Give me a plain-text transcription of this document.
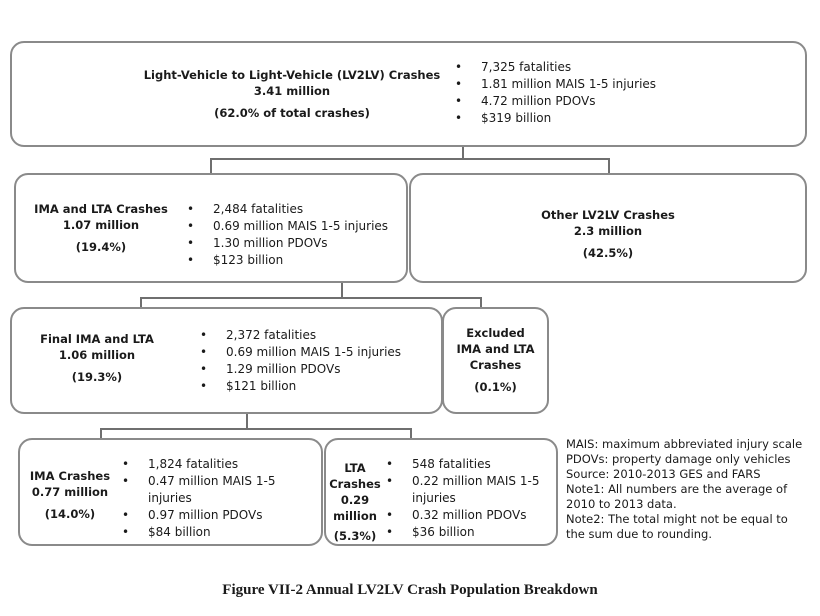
Light-Vehicle to Light-Vehicle (LV2LV) Crashes
3.41 million
(62.0% of total crashes)
• 7,325 fatalities
• 1.81 million MAIS 1-5 injuries
• 4.72 million PDOVs
• $319 billion
IMA and LTA Crashes
1.07 million
(19.4%)
• 2,484 fatalities
• 0.69 million MAIS 1-5 injuries
• 1.30 million PDOVs
• $123 billion
Other LV2LV Crashes
2.3 million
(42.5%)
Final IMA and LTA
1.06 million
(19.3%)
• 2,372 fatalities
• 0.69 million MAIS 1-5 injuries
• 1.29 million PDOVs
• $121 billion
Excluded
IMA and LTA
Crashes
(0.1%)
IMA Crashes
0.77 million
(14.0%)
• 1,824 fatalities
• 0.47 million MAIS 1-5
injuries
• 0.97 million PDOVs
• $84 billion
LTA
Crashes
0.29
million
(5.3%)
• 548 fatalities
• 0.22 million MAIS 1-5
injuries
• 0.32 million PDOVs
• $36 billion
MAIS: maximum abbreviated injury scale
PDOVs: property damage only vehicles
Source: 2010-2013 GES and FARS
Note1: All numbers are the average of
2010 to 2013 data.
Note2: The total might not be equal to
the sum due to rounding.
Figure VII-2 Annual LV2LV Crash Population Breakdown
